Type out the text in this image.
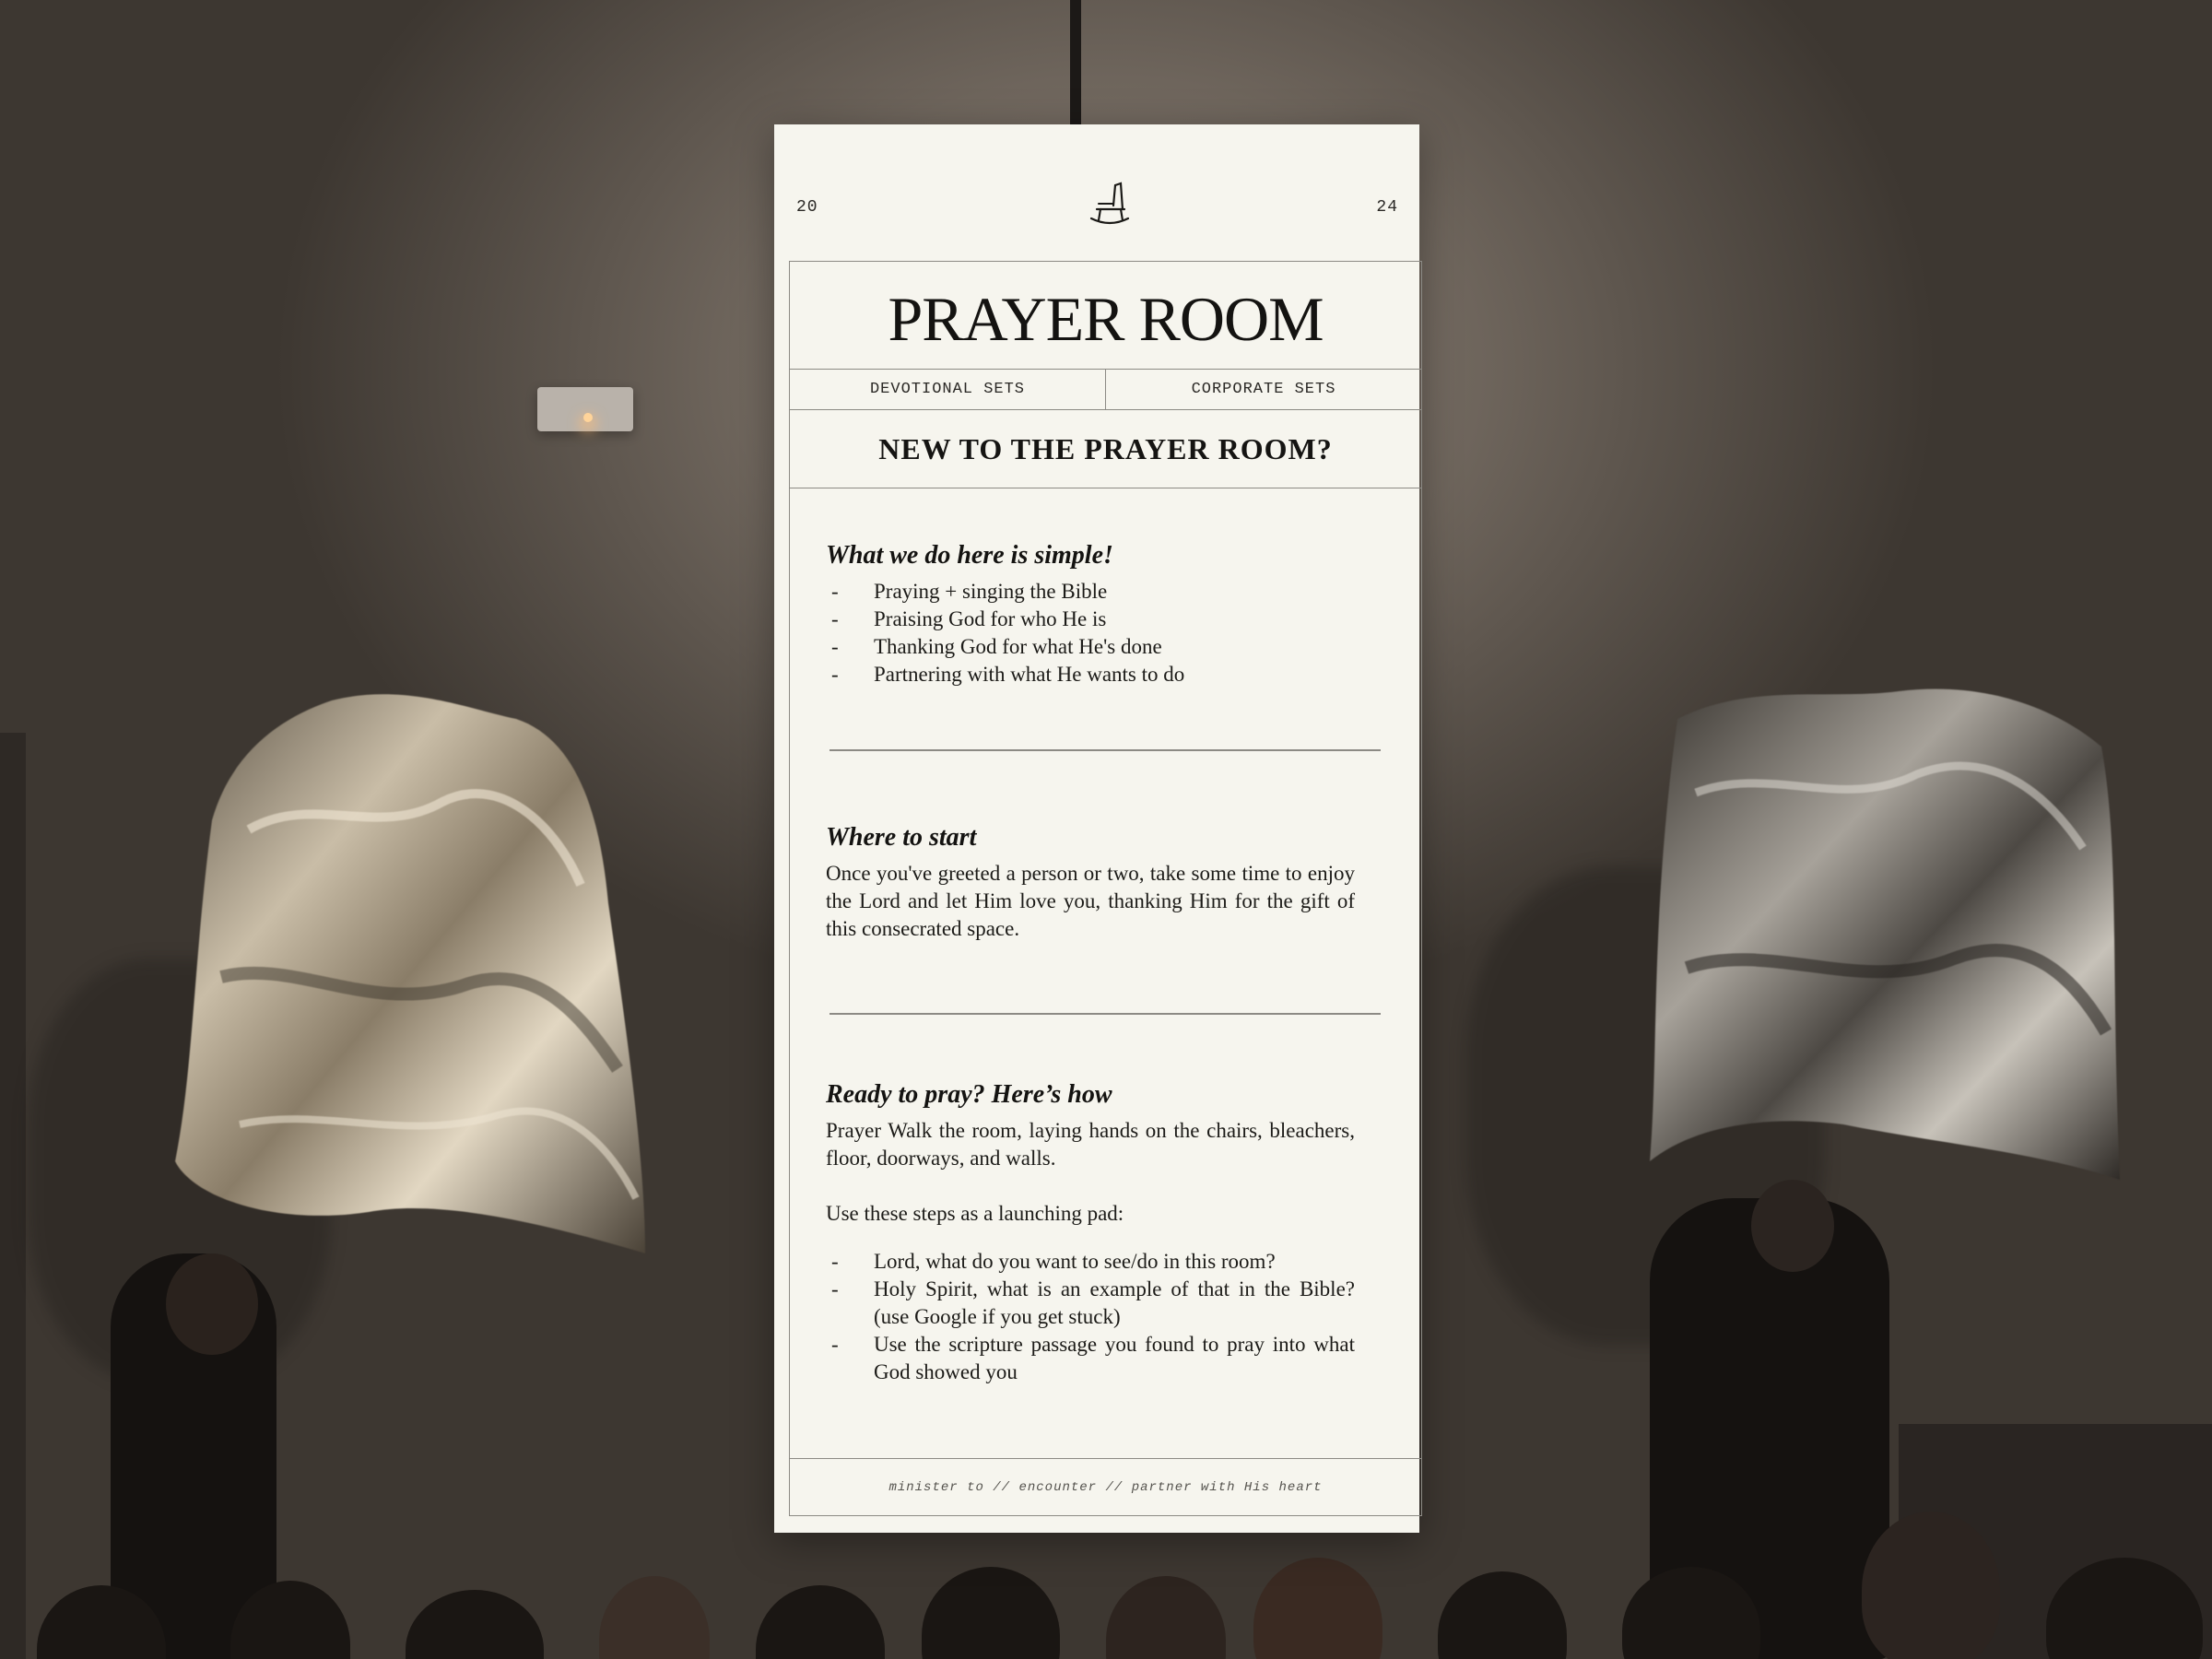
20	24
PRAYER ROOM
DEVOTIONAL SETS	CORPORATE SETS
NEW TO THE PRAYER ROOM?
What we do here is simple!
- Praying + singing the Bible
- Praising God for who He is
- Thanking God for what He's done
- Partnering with what He wants to do
Where to start

Once you've greeted a person or two, take some time to enjoy the Lord and let Him love you, thanking Him for the gift of this consecrated space.

Ready to pray? Here’s how

Prayer Walk the room, laying hands on the chairs, bleachers, floor, doorways, and walls.

Use these steps as a launching pad:

- Lord, what do you want to see/do in this room?
- Holy Spirit, what is an example of that in the Bible? (use Google if you get stuck)
- Use the scripture passage you found to pray into what God showed you
minister to // encounter // partner with His heart
